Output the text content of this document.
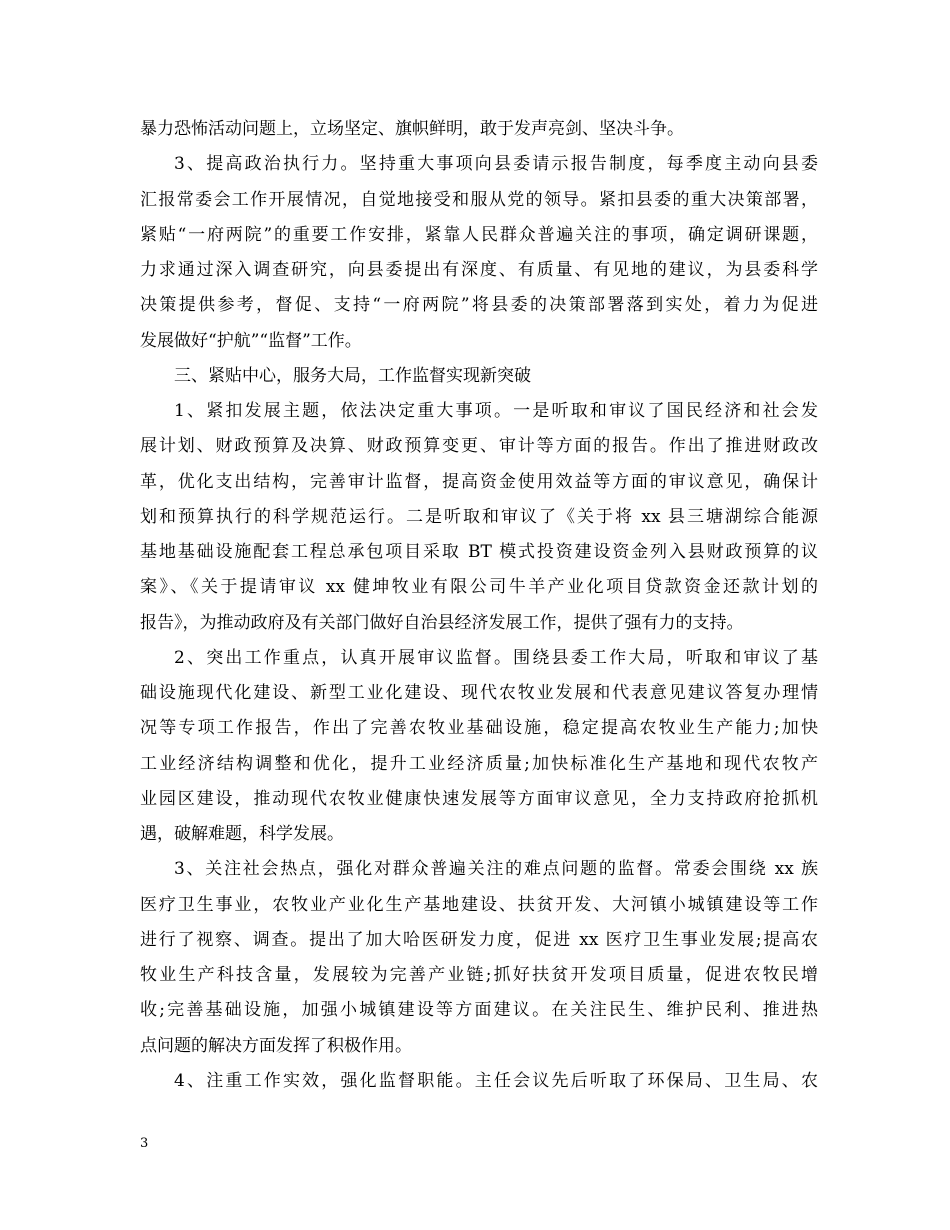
暴力恐怖活动问题上，立场坚定、旗帜鲜明，敢于发声亮剑、坚决斗争。
3、提高政治执行力。坚持重大事项向县委请示报告制度，每季度主动向县委
汇报常委会工作开展情况，自觉地接受和服从党的领导。紧扣县委的重大决策部署，
紧贴“一府两院”的重要工作安排，紧靠人民群众普遍关注的事项，确定调研课题，
力求通过深入调查研究，向县委提出有深度、有质量、有见地的建议，为县委科学
决策提供参考，督促、支持“一府两院”将县委的决策部署落到实处，着力为促进
发展做好“护航”“监督”工作。
三、紧贴中心，服务大局，工作监督实现新突破
1、紧扣发展主题，依法决定重大事项。一是听取和审议了国民经济和社会发
展计划、财政预算及决算、财政预算变更、审计等方面的报告。作出了推进财政改
革，优化支出结构，完善审计监督，提高资金使用效益等方面的审议意见，确保计
划和预算执行的科学规范运行。二是听取和审议了《关于将 xx 县三塘湖综合能源
基地基础设施配套工程总承包项目采取 BT 模式投资建设资金列入县财政预算的议
案》、《关于提请审议 xx 健坤牧业有限公司牛羊产业化项目贷款资金还款计划的
报告》，为推动政府及有关部门做好自治县经济发展工作，提供了强有力的支持。
2、突出工作重点，认真开展审议监督。围绕县委工作大局，听取和审议了基
础设施现代化建设、新型工业化建设、现代农牧业发展和代表意见建议答复办理情
况等专项工作报告，作出了完善农牧业基础设施，稳定提高农牧业生产能力;加快
工业经济结构调整和优化，提升工业经济质量;加快标准化生产基地和现代农牧产
业园区建设，推动现代农牧业健康快速发展等方面审议意见，全力支持政府抢抓机
遇，破解难题，科学发展。
3、关注社会热点，强化对群众普遍关注的难点问题的监督。常委会围绕 xx 族
医疗卫生事业，农牧业产业化生产基地建设、扶贫开发、大河镇小城镇建设等工作
进行了视察、调查。提出了加大哈医研发力度，促进 xx 医疗卫生事业发展;提高农
牧业生产科技含量，发展较为完善产业链;抓好扶贫开发项目质量，促进农牧民增
收;完善基础设施，加强小城镇建设等方面建议。在关注民生、维护民利、推进热
点问题的解决方面发挥了积极作用。
4、注重工作实效，强化监督职能。主任会议先后听取了环保局、卫生局、农
3
